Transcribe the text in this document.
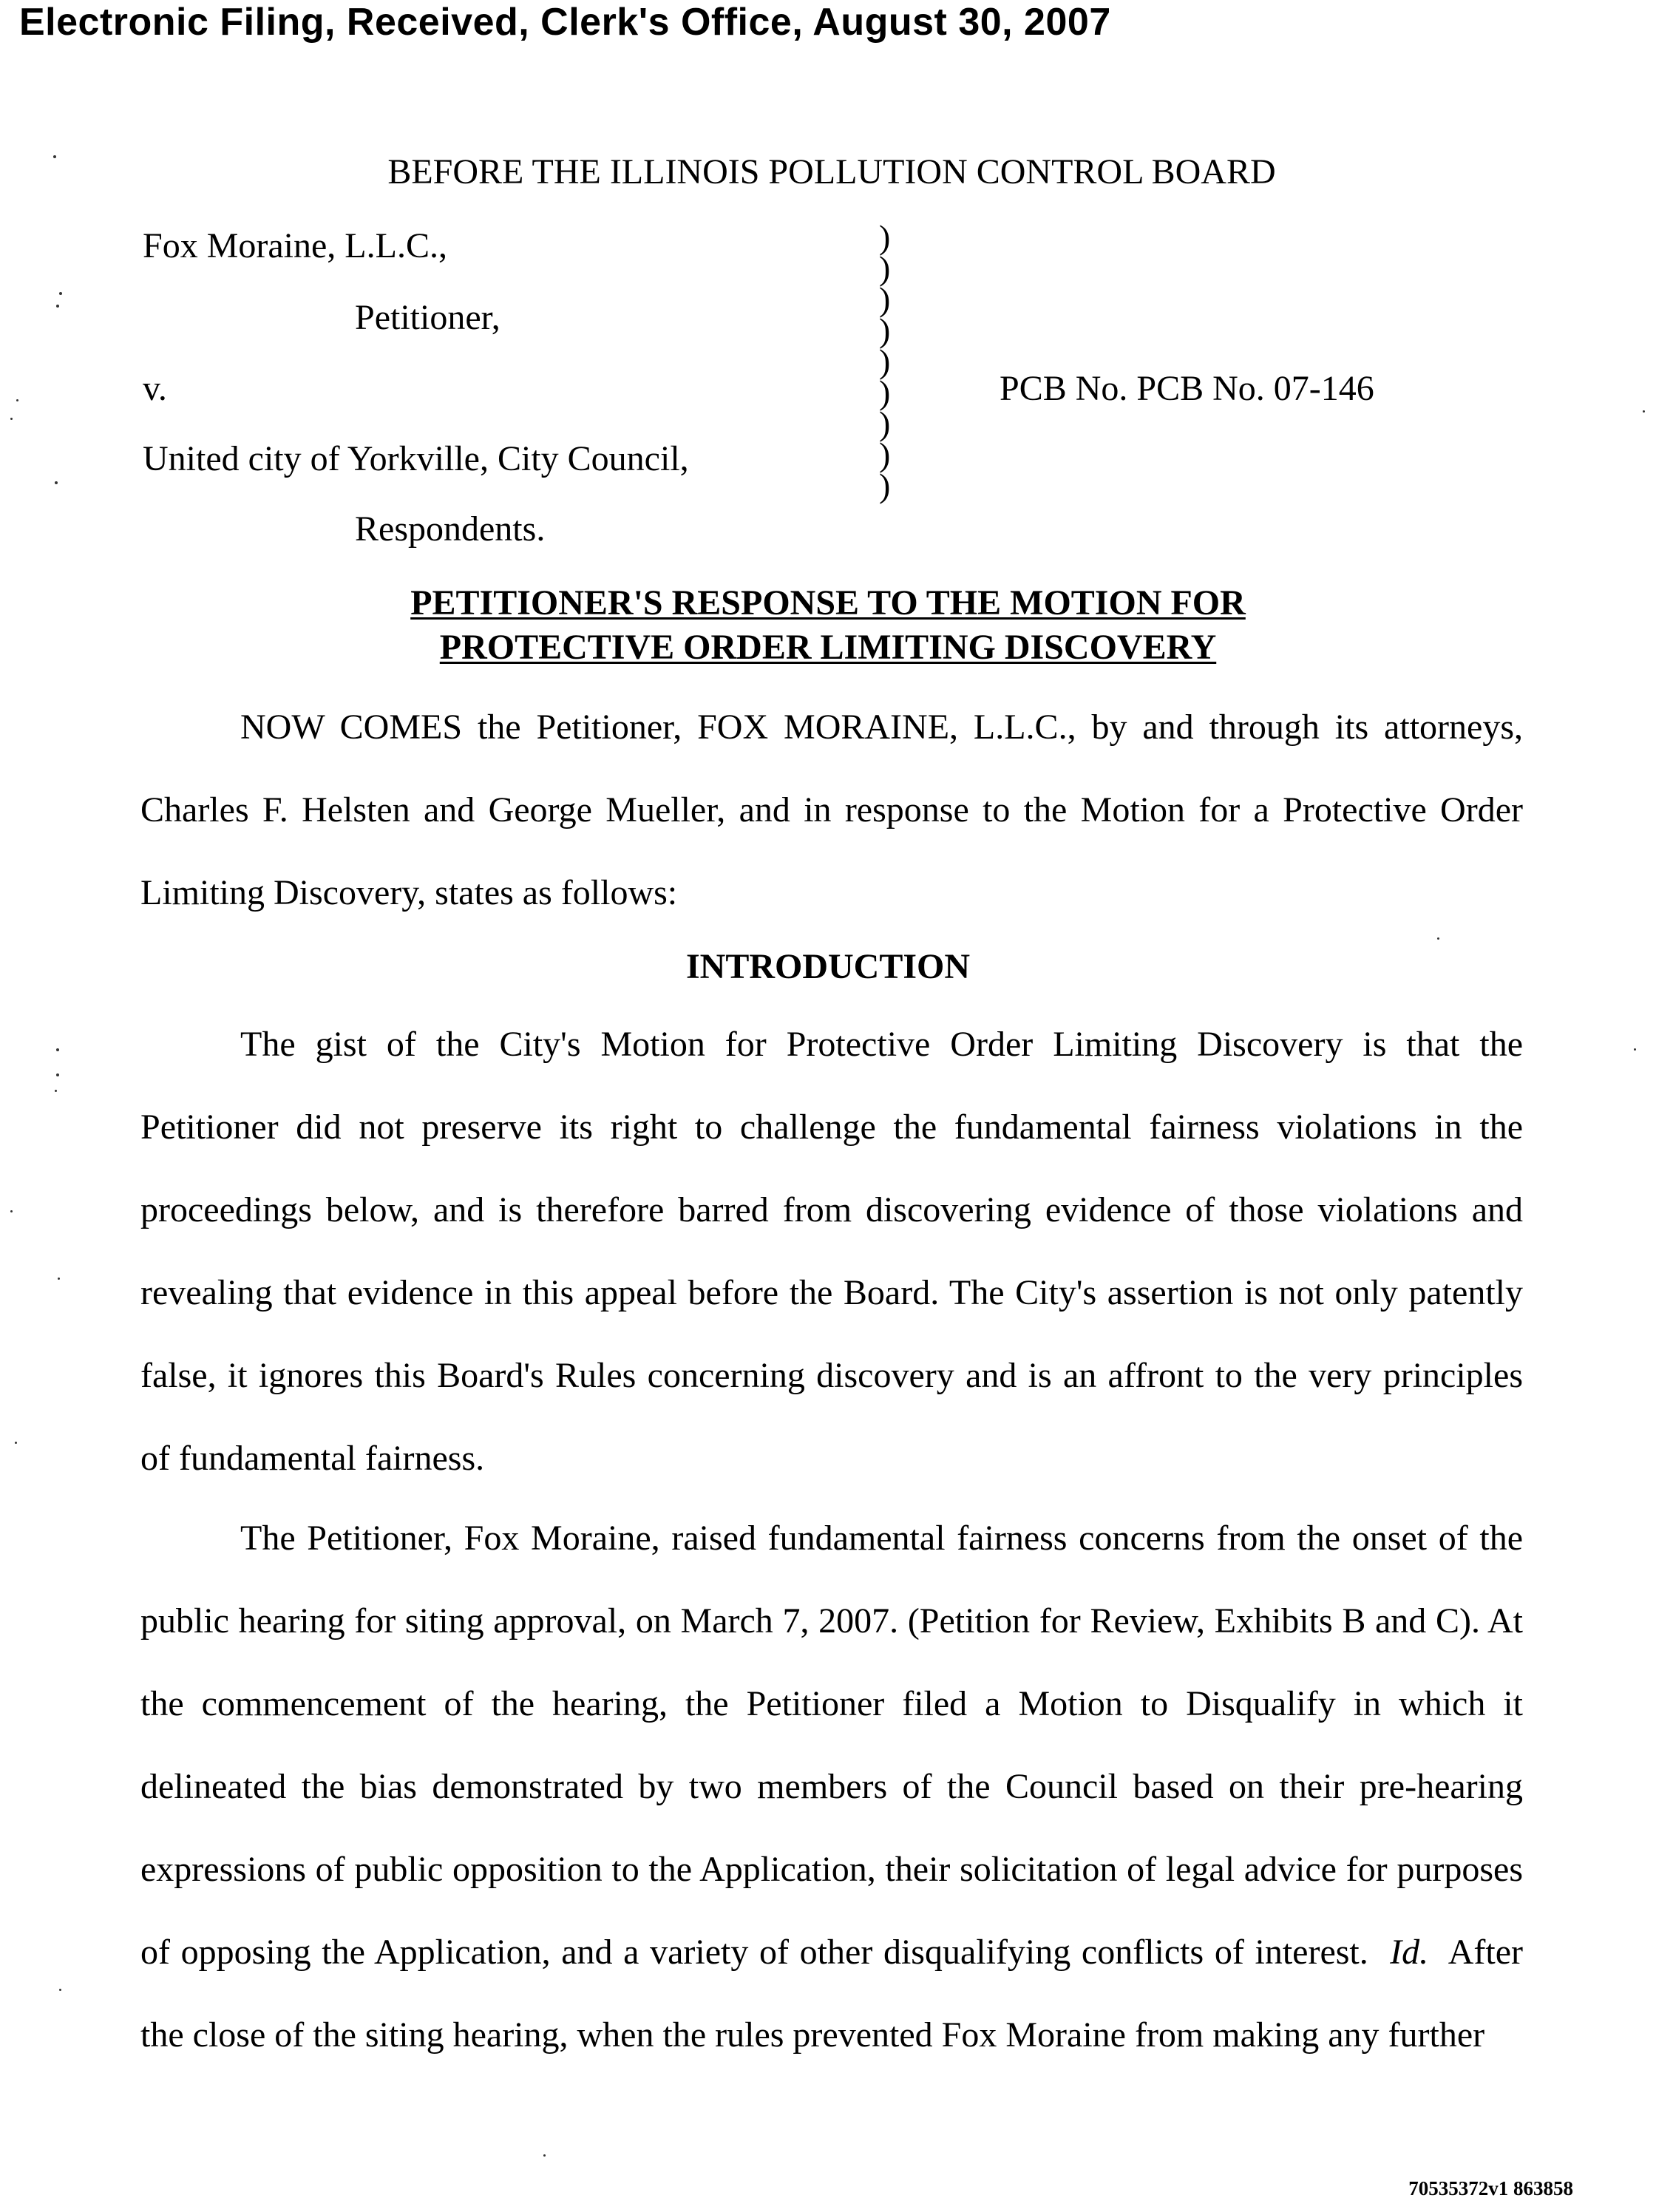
Electronic Filing, Received, Clerk's Office, August 30, 2007
BEFORE THE ILLINOIS POLLUTION CONTROL BOARD
Fox Moraine, L.L.C.,
Petitioner,
v.	PCB No. PCB No. 07-146
United city of Yorkville, City Council,
Respondents.
)
)
)
)
)
)
)
)
)
PETITIONER'S RESPONSE TO THE MOTION FOR
PROTECTIVE ORDER LIMITING DISCOVERY

NOW COMES the Petitioner, FOX MORAINE, L.L.C., by and through its attorneys, Charles F. Helsten and George Mueller, and in response to the Motion for a Protective Order Limiting Discovery, states as follows:

INTRODUCTION

The gist of the City's Motion for Protective Order Limiting Discovery is that the Petitioner did not preserve its right to challenge the fundamental fairness violations in the proceedings below, and is therefore barred from discovering evidence of those violations and revealing that evidence in this appeal before the Board. The City's assertion is not only patently false, it ignores this Board's Rules concerning discovery and is an affront to the very principles of fundamental fairness.

The Petitioner, Fox Moraine, raised fundamental fairness concerns from the onset of the public hearing for siting approval, on March 7, 2007. (Petition for Review, Exhibits B and C). At the commencement of the hearing, the Petitioner filed a Motion to Disqualify in which it delineated the bias demonstrated by two members of the Council based on their pre-hearing expressions of public opposition to the Application, their solicitation of legal advice for purposes of opposing the Application, and a variety of other disqualifying conflicts of interest. Id. After the close of the siting hearing, when the rules prevented Fox Moraine from making any further

70535372v1 863858
